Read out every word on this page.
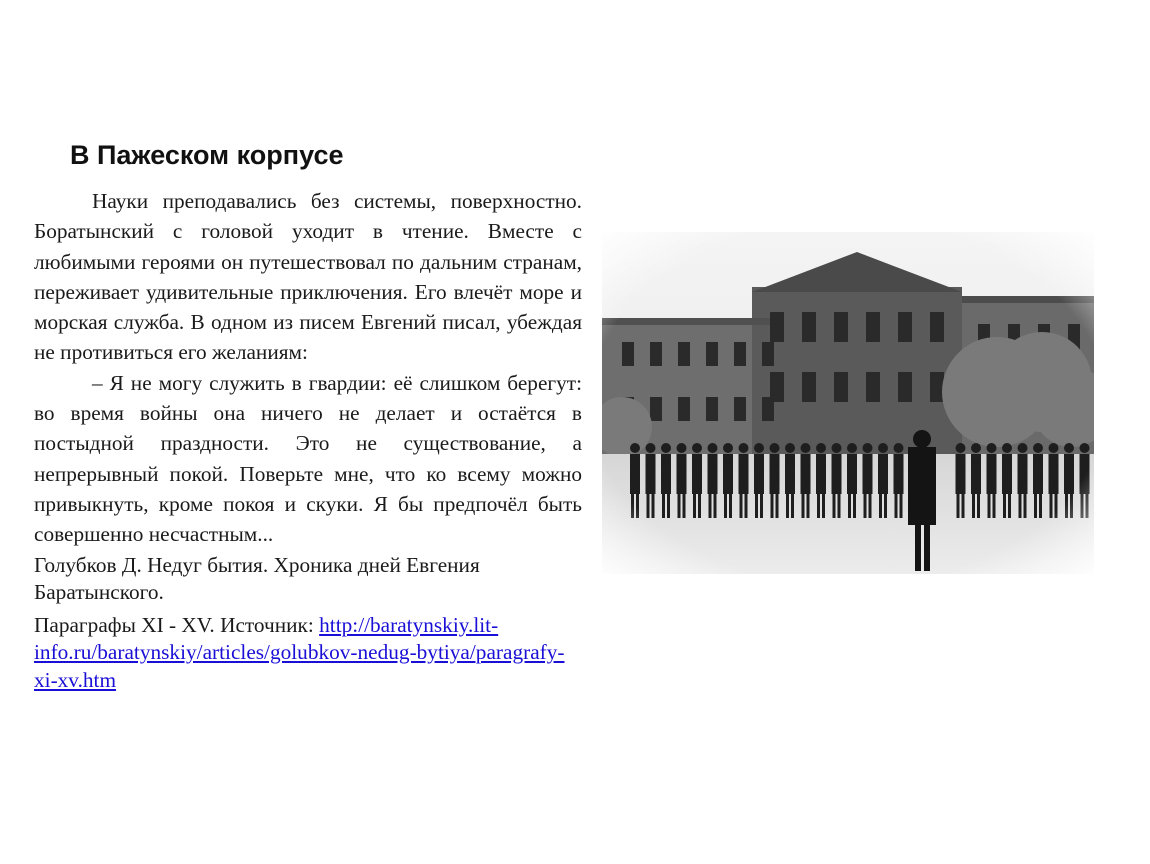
В Пажеском корпусе

Науки преподавались без системы, поверхностно. Боратынский с головой уходит в чтение. Вместе с любимыми героями он путешествовал по дальним странам, переживает удивительные приключения. Его влечёт море и морская служба. В одном из писем Евгений писал, убеждая не противиться его желаниям:

– Я не могу служить в гвардии: её слишком берегут: во время войны она ничего не делает и остаётся в постыдной праздности. Это не существование, а непрерывный покой. Поверьте мне, что ко всему можно привыкнуть, кроме покоя и скуки. Я бы предпочёл быть совершенно несчастным...

Голубков Д. Недуг бытия. Хроника дней Евгения Баратынского.

Параграфы XI - XV. Источник: http://baratynskiy.lit-info.ru/baratynskiy/articles/golubkov-nedug-bytiya/paragrafy-xi-xv.htm
